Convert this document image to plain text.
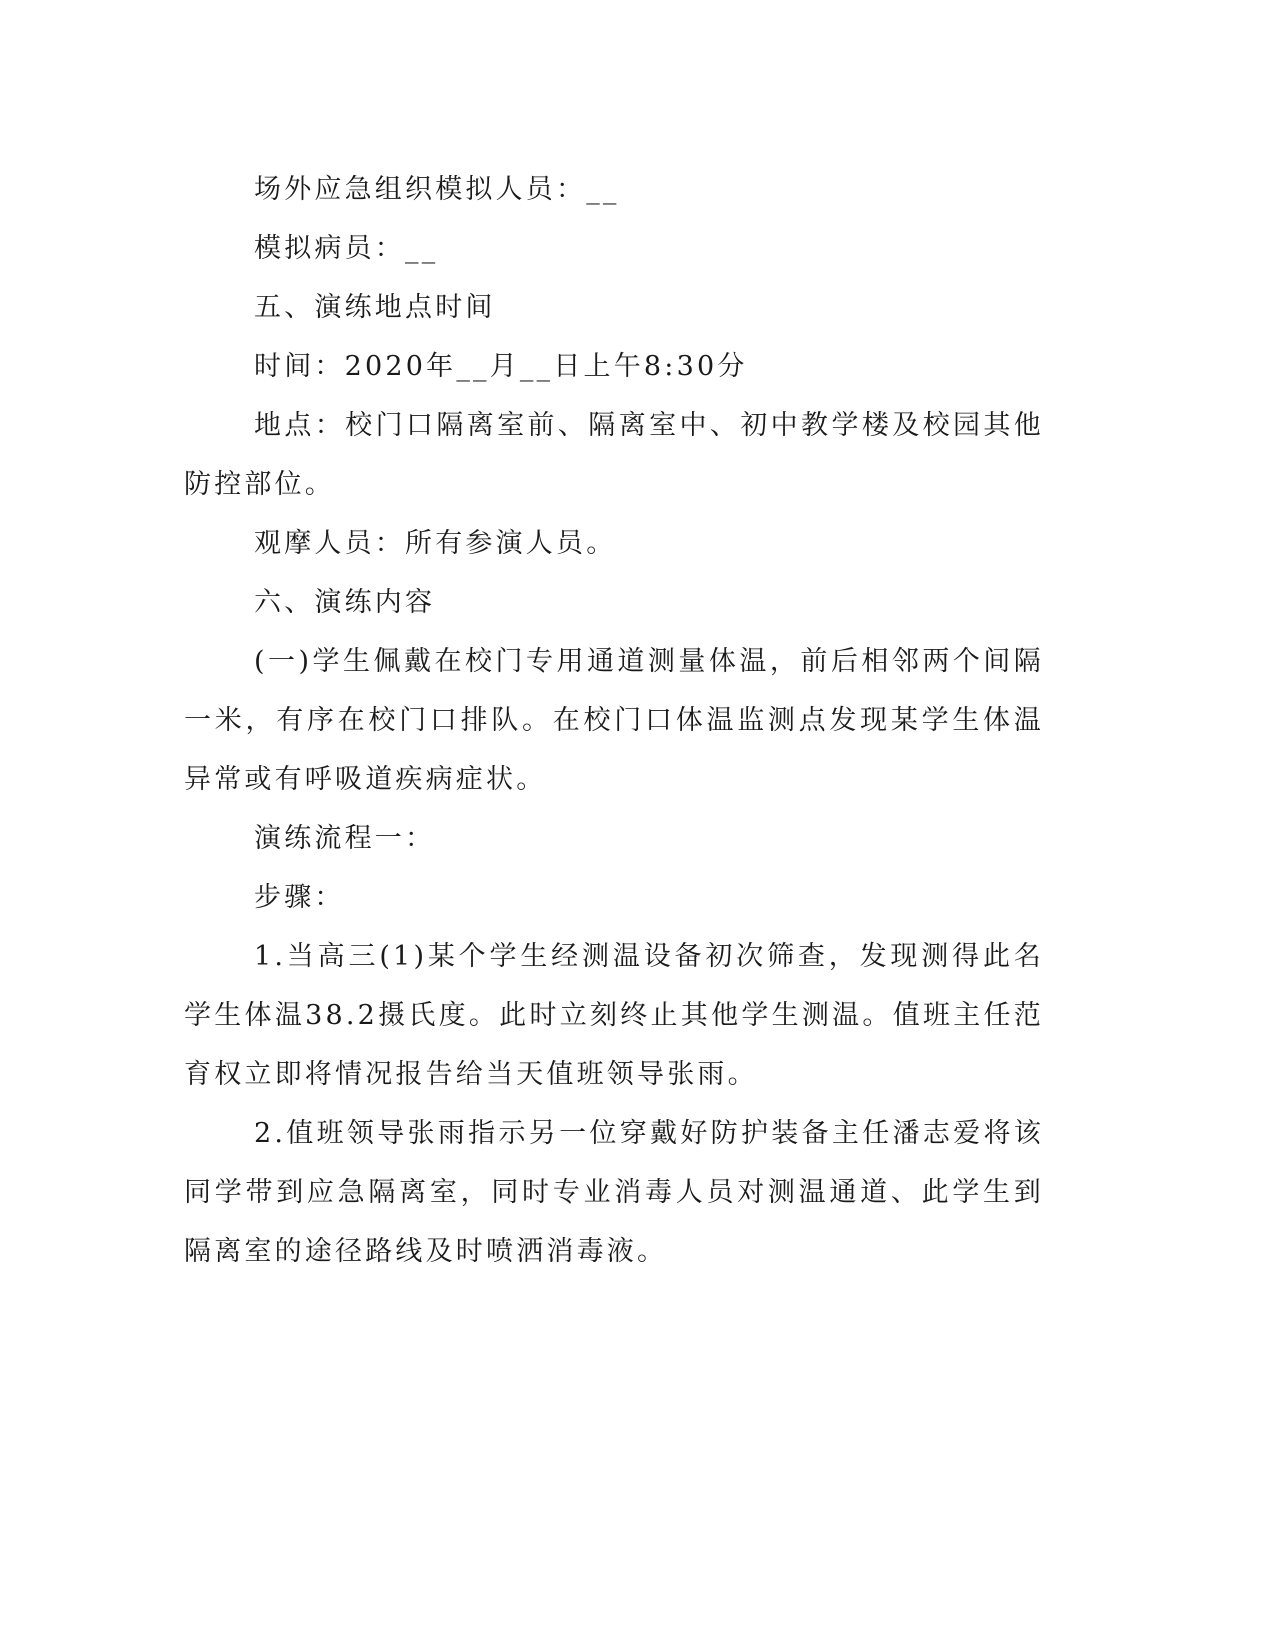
场外应急组织模拟人员：__

模拟病员：__

五、演练地点时间

时间：2020年__月__日上午8:30分

地点：校门口隔离室前、隔离室中、初中教学楼及校园其他防控部位。

观摩人员：所有参演人员。

六、演练内容

(一)学生佩戴在校门专用通道测量体温，前后相邻两个间隔一米，有序在校门口排队。在校门口体温监测点发现某学生体温异常或有呼吸道疾病症状。

演练流程一：

步骤：

1.当高三(1)某个学生经测温设备初次筛查，发现测得此名学生体温38.2摄氏度。此时立刻终止其他学生测温。值班主任范育权立即将情况报告给当天值班领导张雨。

2.值班领导张雨指示另一位穿戴好防护装备主任潘志爱将该同学带到应急隔离室，同时专业消毒人员对测温通道、此学生到隔离室的途径路线及时喷洒消毒液。
